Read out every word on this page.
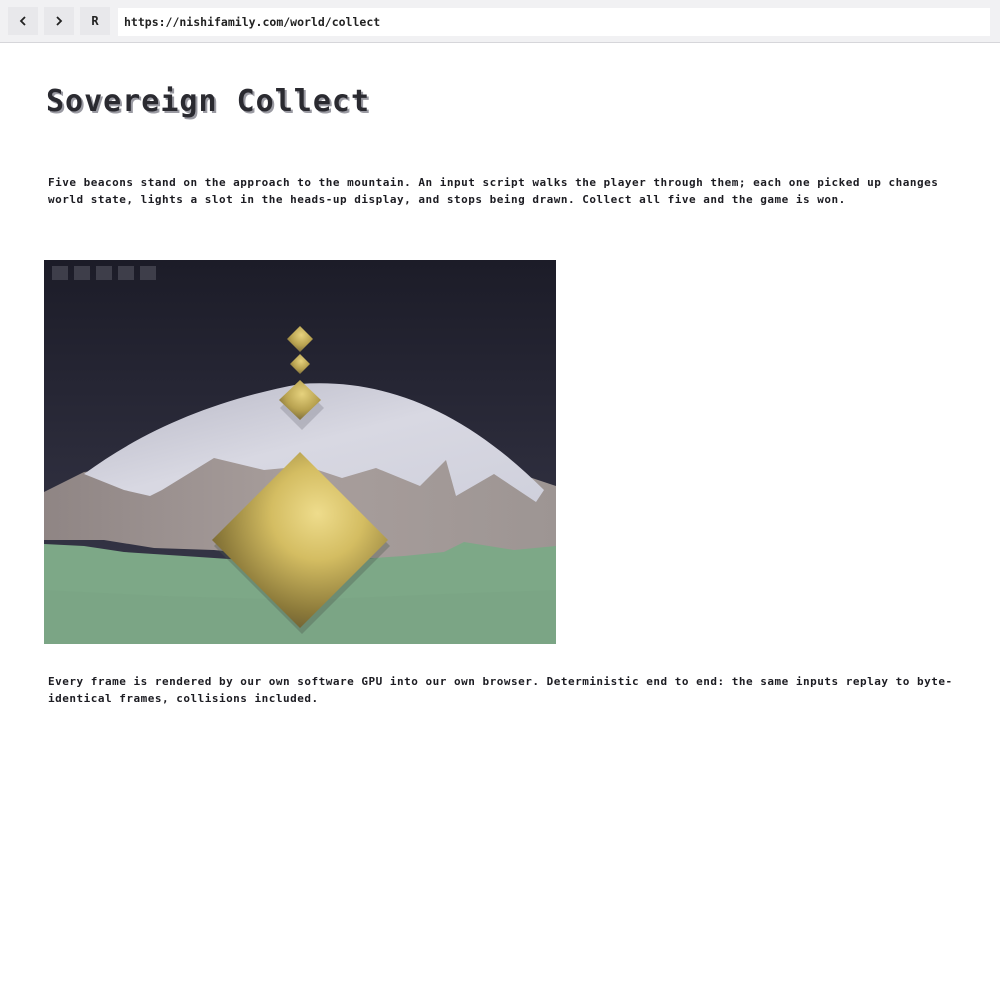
R
https://nishifamily.com/world/collect
Sovereign Collect

Five beacons stand on the approach to the mountain. An input script walks the player through them; each one picked up changes world state, lights a slot in the heads-up display, and stops being drawn. Collect all five and the game is won.

Every frame is rendered by our own software GPU into our own browser. Deterministic end to end: the same inputs replay to byte-identical frames, collisions included.
